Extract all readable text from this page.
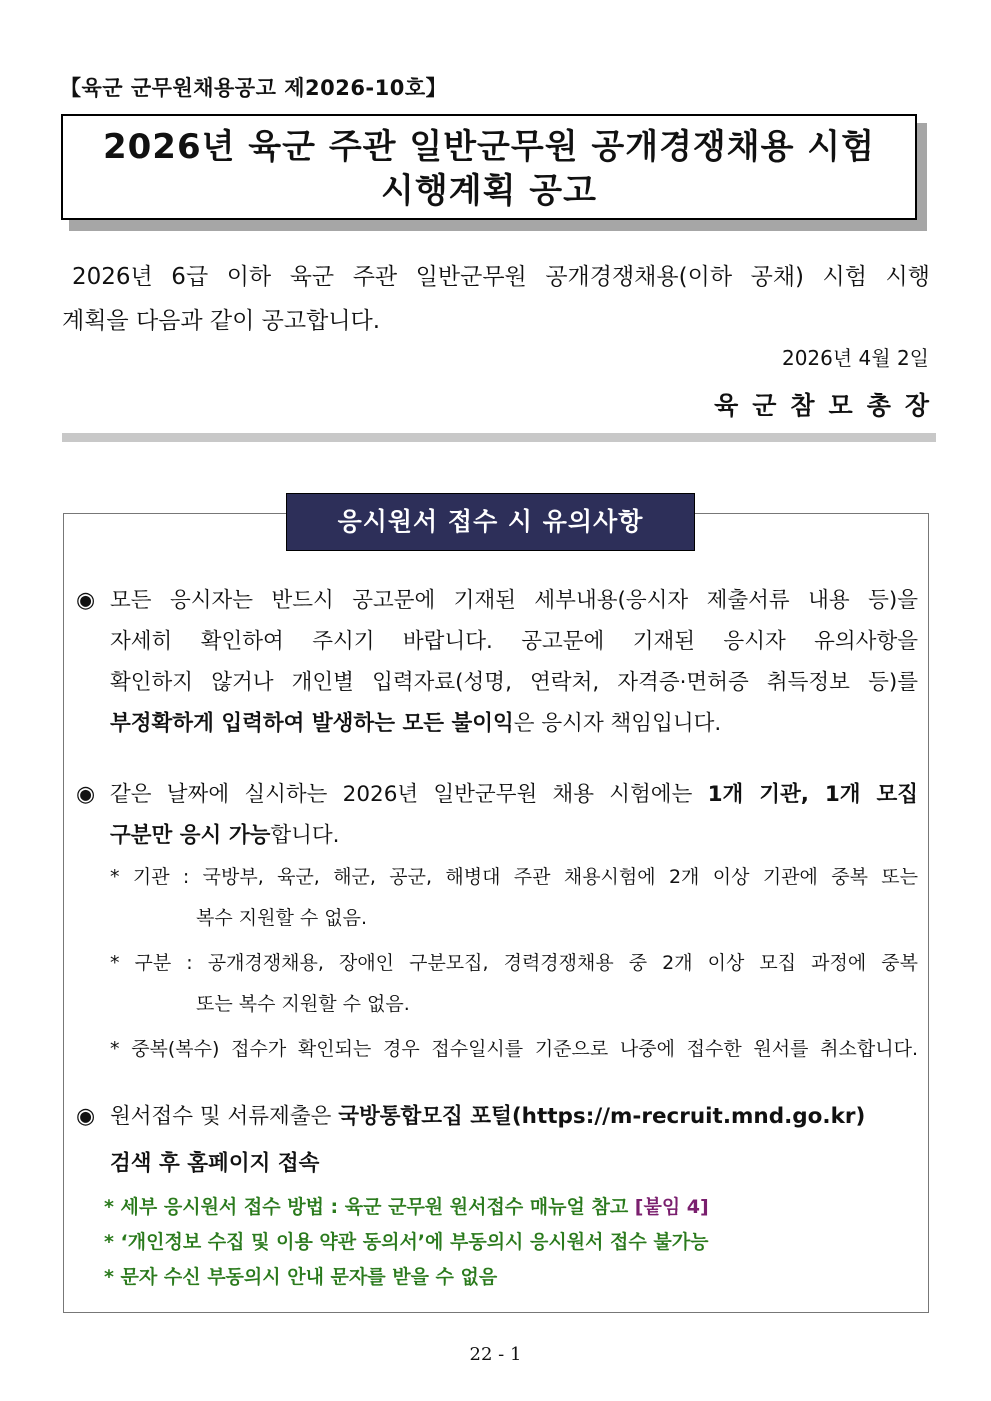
【육군 군무원채용공고 제2026-10호】
2026년 육군 주관 일반군무원 공개경쟁채용 시험
시행계획 공고
2026년 6급 이하 육군 주관 일반군무원 공개경쟁채용(이하 공채) 시험 시행
계획을 다음과 같이 공고합니다.
2026년 4월 2일
육군참모총장
응시원서 접수 시 유의사항
◉ 모든 응시자는 반드시 공고문에 기재된 세부내용(응시자 제출서류 내용 등)을
자세히 확인하여 주시기 바랍니다. 공고문에 기재된 응시자 유의사항을
확인하지 않거나 개인별 입력자료(성명, 연락처, 자격증·면허증 취득정보 등)를
부정확하게 입력하여 발생하는 모든 불이익은 응시자 책임입니다.
◉ 같은 날짜에 실시하는 2026년 일반군무원 채용 시험에는 1개 기관, 1개 모집
구분만 응시 가능합니다.
* 기관 : 국방부, 육군, 해군, 공군, 해병대 주관 채용시험에 2개 이상 기관에 중복 또는
복수 지원할 수 없음.
* 구분 : 공개경쟁채용, 장애인 구분모집, 경력경쟁채용 중 2개 이상 모집 과정에 중복
또는 복수 지원할 수 없음.
* 중복(복수) 접수가 확인되는 경우 접수일시를 기준으로 나중에 접수한 원서를 취소합니다.
◉ 원서접수 및 서류제출은 국방통합모집 포털(https://m-recruit.mnd.go.kr)
검색 후 홈페이지 접속
* 세부 응시원서 접수 방법 : 육군 군무원 원서접수 매뉴얼 참고 [붙임 4]
* ‘개인정보 수집 및 이용 약관 동의서’에 부동의시 응시원서 접수 불가능
* 문자 수신 부동의시 안내 문자를 받을 수 없음
22 - 1
